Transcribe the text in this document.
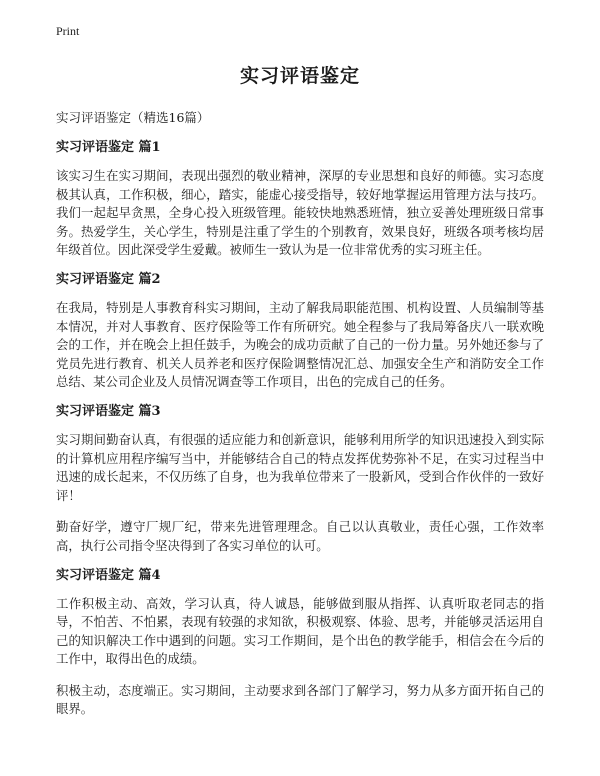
Print
实习评语鉴定
实习评语鉴定（精选16篇）
实习评语鉴定 篇1

该实习生在实习期间，表现出强烈的敬业精神，深厚的专业思想和良好的师德。实习态度极其认真，工作积极，细心，踏实，能虚心接受指导，较好地掌握运用管理方法与技巧。我们一起起早贪黑，全身心投入班级管理。能较快地熟悉班情，独立妥善处理班级日常事务。热爱学生，关心学生，特别是注重了学生的个别教育，效果良好，班级各项考核均居年级首位。因此深受学生爱戴。被师生一致认为是一位非常优秀的实习班主任。

实习评语鉴定 篇2

在我局，特别是人事教育科实习期间，主动了解我局职能范围、机构设置、人员编制等基本情况，并对人事教育、医疗保险等工作有所研究。她全程参与了我局筹备庆八一联欢晚会的工作，并在晚会上担任鼓手，为晚会的成功贡献了自己的一份力量。另外她还参与了党员先进行教育、机关人员养老和医疗保险调整情况汇总、加强安全生产和消防安全工作总结、某公司企业及人员情况调查等工作项目，出色的完成自己的任务。

实习评语鉴定 篇3

实习期间勤奋认真，有很强的适应能力和创新意识，能够利用所学的知识迅速投入到实际的计算机应用程序编写当中，并能够结合自己的特点发挥优势弥补不足，在实习过程当中迅速的成长起来，不仅历练了自身，也为我单位带来了一股新风，受到合作伙伴的一致好评！

勤奋好学，遵守厂规厂纪，带来先进管理理念。自己以认真敬业，责任心强，工作效率高，执行公司指令坚决得到了各实习单位的认可。

实习评语鉴定 篇4

工作积极主动、高效，学习认真，待人诚恳，能够做到服从指挥、认真听取老同志的指导，不怕苦、不怕累，表现有较强的求知欲，积极观察、体验、思考，并能够灵活运用自己的知识解决工作中遇到的问题。实习工作期间，是个出色的教学能手，相信会在今后的工作中，取得出色的成绩。

积极主动，态度端正。实习期间，主动要求到各部门了解学习，努力从多方面开拓自己的眼界。
